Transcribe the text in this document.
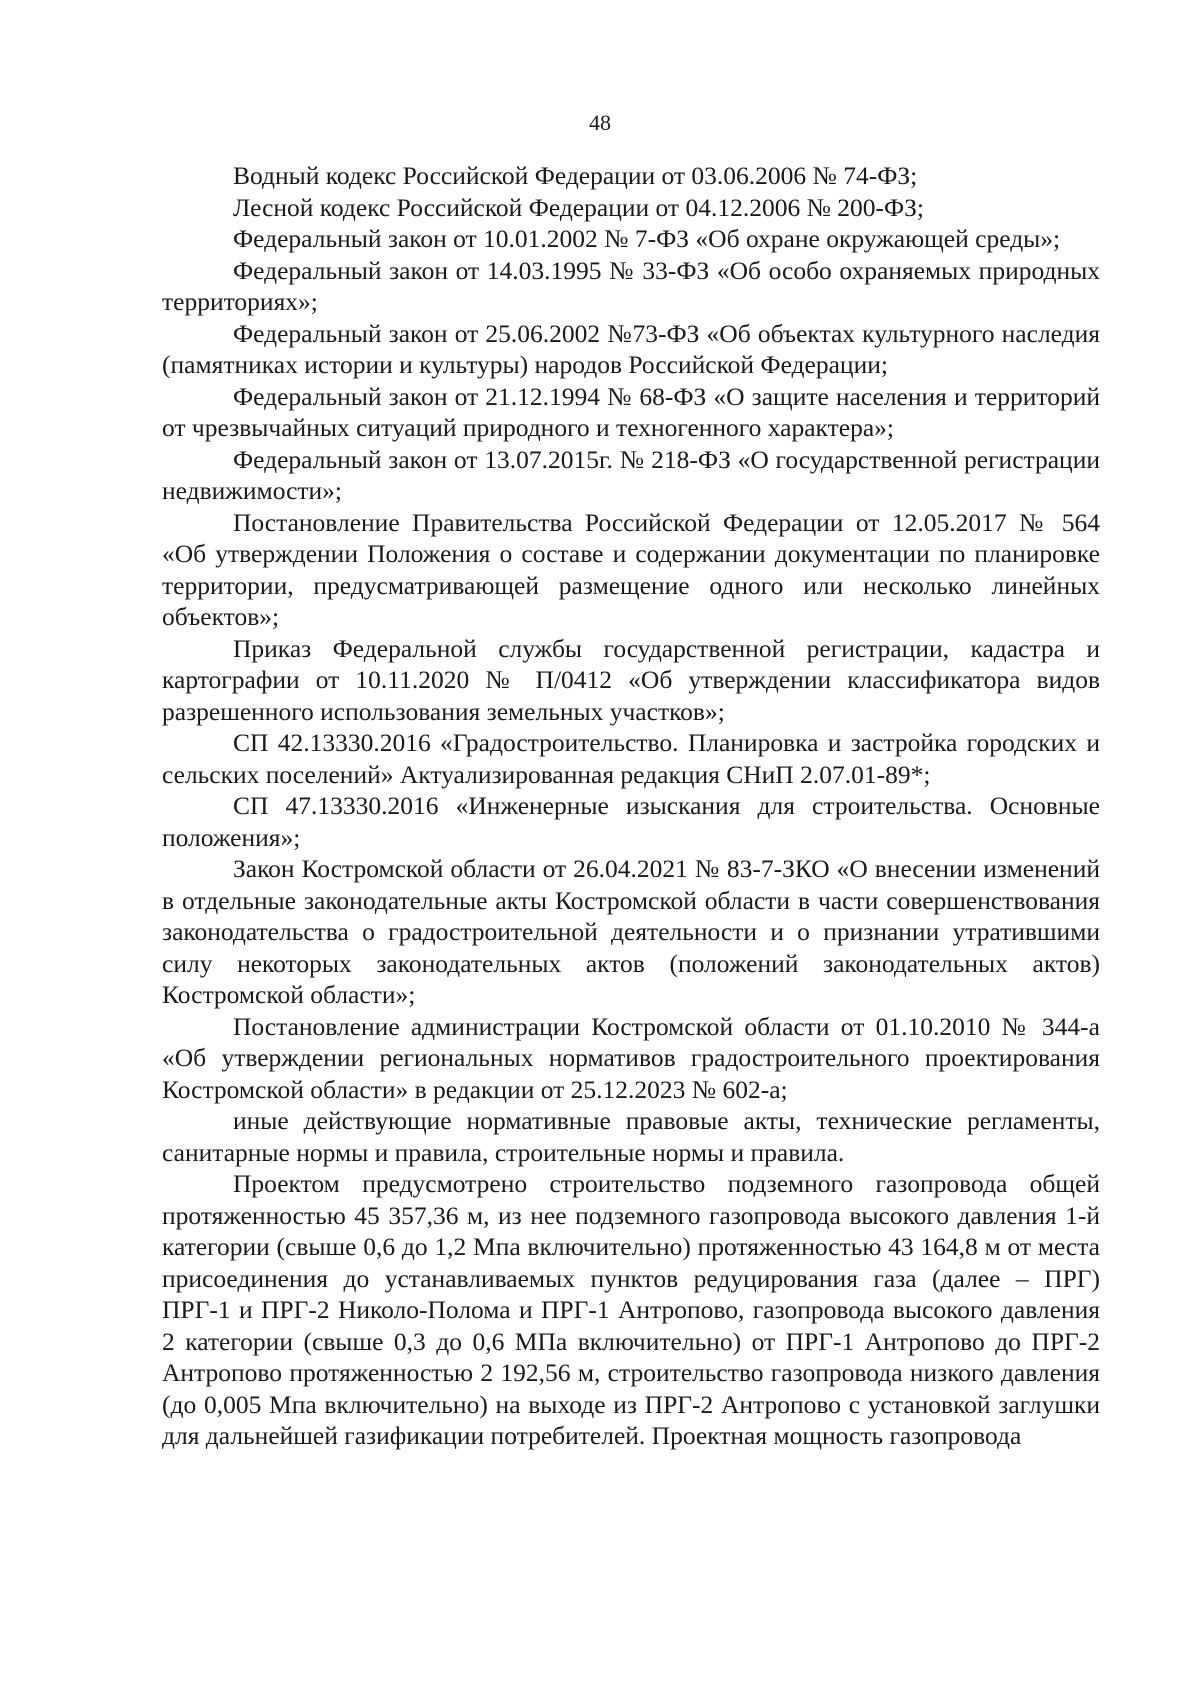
48

Водный кодекс Российской Федерации от 03.06.2006 № 74-ФЗ;

Лесной кодекс Российской Федерации от 04.12.2006 № 200-ФЗ;

Федеральный закон от 10.01.2002 № 7-ФЗ «Об охране окружающей среды»;

Федеральный закон от 14.03.1995 № 33-ФЗ «Об особо охраняемых природных территориях»;

Федеральный закон от 25.06.2002 №73-ФЗ «Об объектах культурного наследия (памятниках истории и культуры) народов Российской Федерации;

Федеральный закон от 21.12.1994 № 68-ФЗ «О защите населения и территорий от чрезвычайных ситуаций природного и техногенного характера»;

Федеральный закон от 13.07.2015г. № 218-ФЗ «О государственной регистрации недвижимости»;

Постановление Правительства Российской Федерации от 12.05.2017 № 564 «Об утверждении Положения о составе и содержании документации по планировке территории, предусматривающей размещение одного или несколько линейных объектов»;

Приказ Федеральной службы государственной регистрации, кадастра и картографии от 10.11.2020 № П/0412 «Об утверждении классификатора видов разрешенного использования земельных участков»;

СП 42.13330.2016 «Градостроительство. Планировка и застройка городских и сельских поселений» Актуализированная редакция СНиП 2.07.01-89*;

СП 47.13330.2016 «Инженерные изыскания для строительства. Основные положения»;

Закон Костромской области от 26.04.2021 № 83-7-ЗКО «О внесении изменений в отдельные законодательные акты Костромской области в части совершенствования законодательства о градостроительной деятельности и о признании утратившими силу некоторых законодательных актов (положений законодательных актов) Костромской области»;

Постановление администрации Костромской области от 01.10.2010 № 344-а «Об утверждении региональных нормативов градостроительного проектирования Костромской области» в редакции от 25.12.2023 № 602-а;

иные действующие нормативные правовые акты, технические регламенты, санитарные нормы и правила, строительные нормы и правила.

Проектом предусмотрено строительство подземного газопровода общей протяженностью 45 357,36 м, из нее подземного газопровода высокого давления 1-й категории (свыше 0,6 до 1,2 Мпа включительно) протяженностью 43 164,8 м от места присоединения до устанавливаемых пунктов редуцирования газа (далее – ПРГ) ПРГ-1 и ПРГ-2 Николо-Полома и ПРГ-1 Антропово, газопровода высокого давления 2 категории (свыше 0,3 до 0,6 МПа включительно) от ПРГ-1 Антропово до ПРГ-2 Антропово протяженностью 2 192,56 м, строительство газопровода низкого давления (до 0,005 Мпа включительно) на выходе из ПРГ-2 Антропово с установкой заглушки для дальнейшей газификации потребителей. Проектная мощность газопровода
